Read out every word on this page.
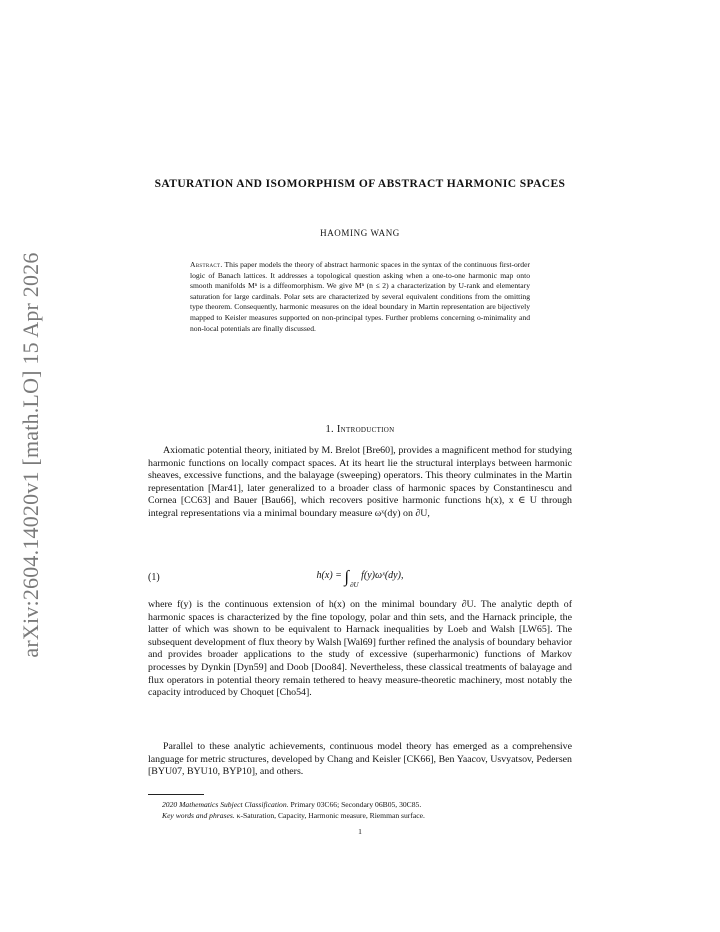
arXiv:2604.14020v1 [math.LO] 15 Apr 2026
SATURATION AND ISOMORPHISM OF ABSTRACT HARMONIC SPACES
HAOMING WANG
Abstract. This paper models the theory of abstract harmonic spaces in the syntax of the continuous first-order logic of Banach lattices. It addresses a topological question asking when a one-to-one harmonic map onto smooth manifolds Mⁿ is a diffeomorphism. We give Mⁿ (n ≤ 2) a characterization by U-rank and elementary saturation for large cardinals. Polar sets are characterized by several equivalent conditions from the omitting type theorem. Consequently, harmonic measures on the ideal boundary in Martin representation are bijectively mapped to Keisler measures supported on non-principal types. Further problems concerning o-minimality and non-local potentials are finally discussed.
1. Introduction
Axiomatic potential theory, initiated by M. Brelot [Bre60], provides a magnificent method for studying harmonic functions on locally compact spaces. At its heart lie the structural interplays between harmonic sheaves, excessive functions, and the balayage (sweeping) operators. This theory culminates in the Martin representation [Mar41], later generalized to a broader class of harmonic spaces by Constantinescu and Cornea [CC63] and Bauer [Bau66], which recovers positive harmonic functions h(x), x ∈ U through integral representations via a minimal boundary measure ωˣ(dy) on ∂U,
(1)	$h(x) = \int_{\partial U}$ f(y)ωˣ(dy),
where f(y) is the continuous extension of h(x) on the minimal boundary ∂U. The analytic depth of harmonic spaces is characterized by the fine topology, polar and thin sets, and the Harnack principle, the latter of which was shown to be equivalent to Harnack inequalities by Loeb and Walsh [LW65]. The subsequent development of flux theory by Walsh [Wal69] further refined the analysis of boundary behavior and provides broader applications to the study of excessive (superharmonic) functions of Markov processes by Dynkin [Dyn59] and Doob [Doo84]. Nevertheless, these classical treatments of balayage and flux operators in potential theory remain tethered to heavy measure-theoretic machinery, most notably the capacity introduced by Choquet [Cho54].
Parallel to these analytic achievements, continuous model theory has emerged as a comprehensive language for metric structures, developed by Chang and Keisler [CK66], Ben Yaacov, Usvyatsov, Pedersen [BYU07, BYU10, BYP10], and others.
2020 Mathematics Subject Classification. Primary 03C66; Secondary 06B05, 30C85.
Key words and phrases. κ-Saturation, Capacity, Harmonic measure, Riemman surface.
1
